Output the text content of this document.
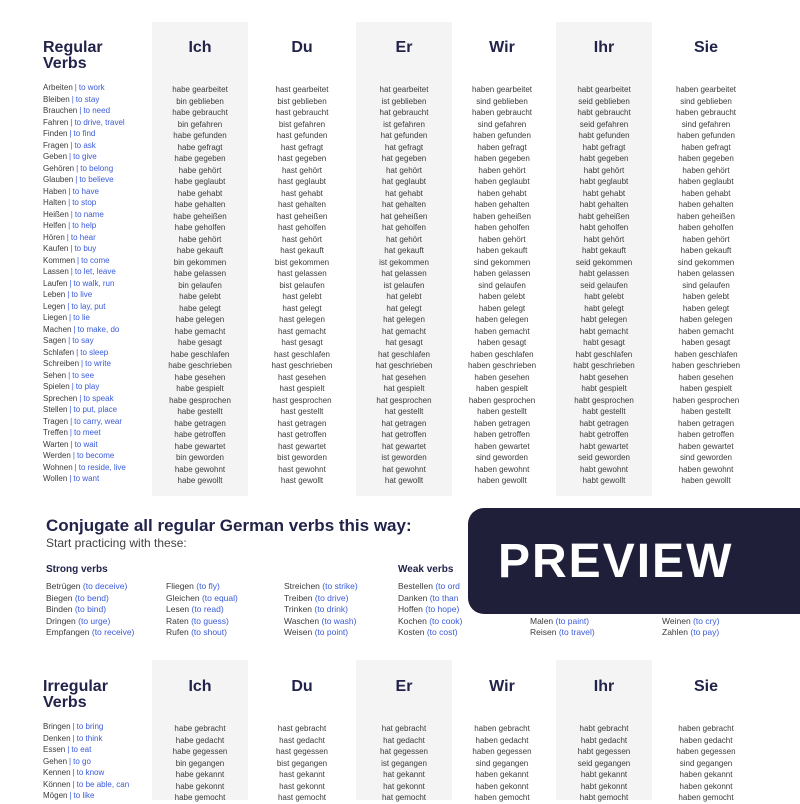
Regular
Verbs
Arbeiten | to work
Bleiben | to stay
Brauchen | to need
Fahren | to drive, travel
Finden | to find
Fragen | to ask
Geben | to give
Gehören | to belong
Glauben | to believe
Haben | to have
Halten | to stop
Heißen | to name
Helfen | to help
Hören | to hear
Kaufen | to buy
Kommen | to come
Lassen | to let, leave
Laufen | to walk, run
Leben | to live
Legen | to lay, put
Liegen | to lie
Machen | to make, do
Sagen | to say
Schlafen | to sleep
Schreiben | to write
Sehen | to see
Spielen | to play
Sprechen | to speak
Stellen | to put, place
Tragen | to carry, wear
Treffen | to meet
Warten | to wait
Werden | to become
Wohnen | to reside, live
Wollen | to want
Ich
habe gearbeitet
bin geblieben
habe gebraucht
bin gefahren
habe gefunden
habe gefragt
habe gegeben
habe gehört
habe geglaubt
habe gehabt
habe gehalten
habe geheißen
habe geholfen
habe gehört
habe gekauft
bin gekommen
habe gelassen
bin gelaufen
habe gelebt
habe gelegt
habe gelegen
habe gemacht
habe gesagt
habe geschlafen
habe geschrieben
habe gesehen
habe gespielt
habe gesprochen
habe gestellt
habe getragen
habe getroffen
habe gewartet
bin geworden
habe gewohnt
habe gewollt
Du
hast gearbeitet
bist geblieben
hast gebraucht
bist gefahren
hast gefunden
hast gefragt
hast gegeben
hast gehört
hast geglaubt
hast gehabt
hast gehalten
hast geheißen
hast geholfen
hast gehört
hast gekauft
bist gekommen
hast gelassen
bist gelaufen
hast gelebt
hast gelegt
hast gelegen
hast gemacht
hast gesagt
hast geschlafen
hast geschrieben
hast gesehen
hast gespielt
hast gesprochen
hast gestellt
hast getragen
hast getroffen
hast gewartet
bist geworden
hast gewohnt
hast gewollt
Er
hat gearbeitet
ist geblieben
hat gebraucht
ist gefahren
hat gefunden
hat gefragt
hat gegeben
hat gehört
hat geglaubt
hat gehabt
hat gehalten
hat geheißen
hat geholfen
hat gehört
hat gekauft
ist gekommen
hat gelassen
ist gelaufen
hat gelebt
hat gelegt
hat gelegen
hat gemacht
hat gesagt
hat geschlafen
hat geschrieben
hat gesehen
hat gespielt
hat gesprochen
hat gestellt
hat getragen
hat getroffen
hat gewartet
ist geworden
hat gewohnt
hat gewollt
Wir
haben gearbeitet
sind geblieben
haben gebraucht
sind gefahren
haben gefunden
haben gefragt
haben gegeben
haben gehört
haben geglaubt
haben gehabt
haben gehalten
haben geheißen
haben geholfen
haben gehört
haben gekauft
sind gekommen
haben gelassen
sind gelaufen
haben gelebt
haben gelegt
haben gelegen
haben gemacht
haben gesagt
haben geschlafen
haben geschrieben
haben gesehen
haben gespielt
haben gesprochen
haben gestellt
haben getragen
haben getroffen
haben gewartet
sind geworden
haben gewohnt
haben gewollt
Ihr
habt gearbeitet
seid geblieben
habt gebraucht
seid gefahren
habt gefunden
habt gefragt
habt gegeben
habt gehört
habt geglaubt
habt gehabt
habt gehalten
habt geheißen
habt geholfen
habt gehört
habt gekauft
seid gekommen
habt gelassen
seid gelaufen
habt gelebt
habt gelegt
habt gelegen
habt gemacht
habt gesagt
habt geschlafen
habt geschrieben
habt gesehen
habt gespielt
habt gesprochen
habt gestellt
habt getragen
habt getroffen
habt gewartet
seid geworden
habt gewohnt
habt gewollt
Sie
haben gearbeitet
sind geblieben
haben gebraucht
sind gefahren
haben gefunden
haben gefragt
haben gegeben
haben gehört
haben geglaubt
haben gehabt
haben gehalten
haben geheißen
haben geholfen
haben gehört
haben gekauft
sind gekommen
haben gelassen
sind gelaufen
haben gelebt
haben gelegt
haben gelegen
haben gemacht
haben gesagt
haben geschlafen
haben geschrieben
haben gesehen
haben gespielt
haben gesprochen
haben gestellt
haben getragen
haben getroffen
haben gewartet
sind geworden
haben gewohnt
haben gewollt
Conjugate all regular German verbs this way:
Start practicing with these:
Strong verbs	Weak verbs
Betrügen (to deceive)
Biegen (to bend)
Binden (to bind)
Dringen (to urge)
Empfangen (to receive)
Fliegen (to fly)
Gleichen (to equal)
Lesen (to read)
Raten (to guess)
Rufen (to shout)
Streichen (to strike)
Treiben (to drive)
Trinken (to drink)
Waschen (to wash)
Weisen (to point)
Bestellen (to ord
Danken (to than
Hoffen (to hope)
Kochen (to cook)
Kosten (to cost)
Malen (to paint)
Reisen (to travel)
Weinen (to cry)
Zahlen (to pay)
Irregular
Verbs
Bringen | to bring
Denken | to think
Essen | to eat
Gehen | to go
Kennen | to know
Können | to be able, can
Mögen | to like
Ich
habe gebracht
habe gedacht
habe gegessen
bin gegangen
habe gekannt
habe gekonnt
habe gemocht
Du
hast gebracht
hast gedacht
hast gegessen
bist gegangen
hast gekannt
hast gekonnt
hast gemocht
Er
hat gebracht
hat gedacht
hat gegessen
ist gegangen
hat gekannt
hat gekonnt
hat gemocht
Wir
haben gebracht
haben gedacht
haben gegessen
sind gegangen
haben gekannt
haben gekonnt
haben gemocht
Ihr
habt gebracht
habt gedacht
habt gegessen
seid gegangen
habt gekannt
habt gekonnt
habt gemocht
Sie
haben gebracht
haben gedacht
haben gegessen
sind gegangen
haben gekannt
haben gekonnt
haben gemocht
PREVIEW
